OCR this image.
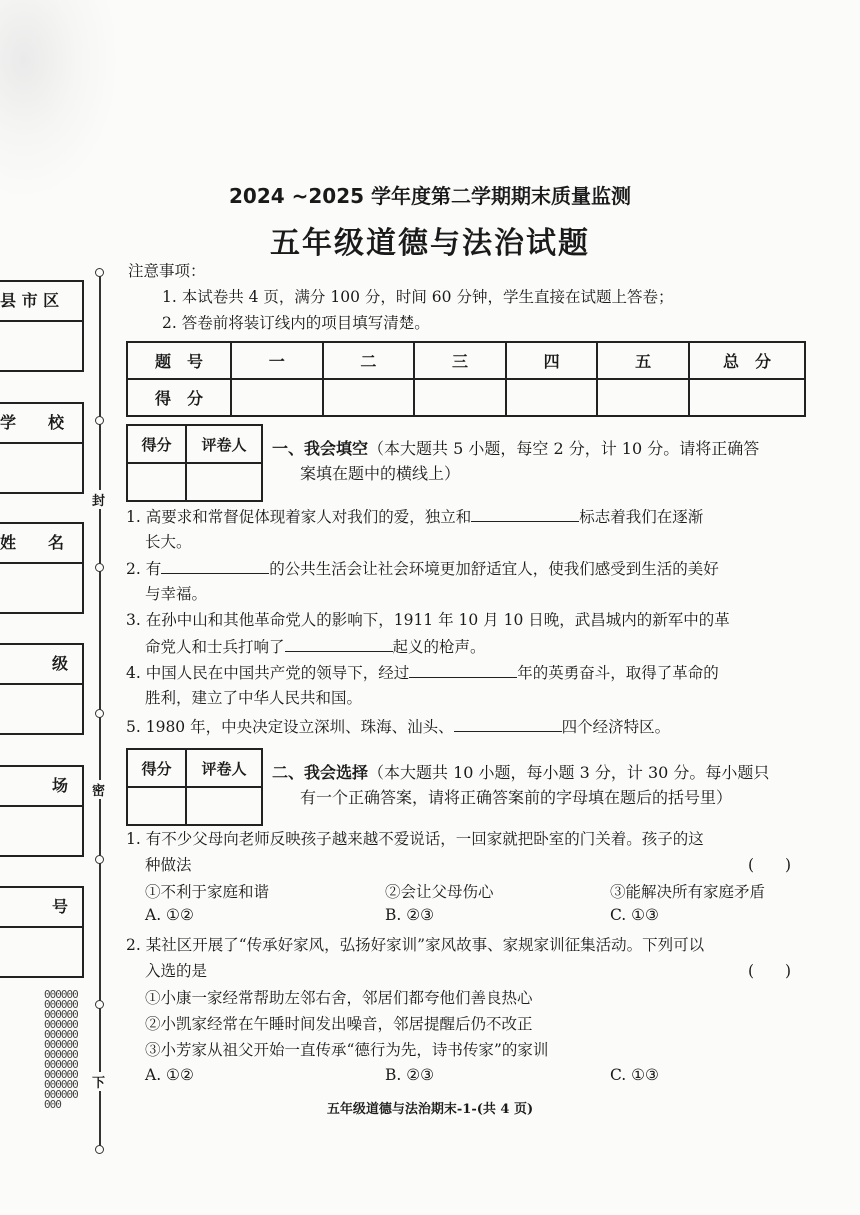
县 市 区
学　　校
姓　　名
级
场
号
封
密
下
000000000000000000000000000000000000000000000000000000000000000000000
2024 ~2025 学年度第二学期期末质量监测
五年级道德与法治试题
注意事项：
1. 本试卷共 4 页，满分 100 分，时间 60 分钟，学生直接在试题上答卷；
2. 答卷前将装订线内的项目填写清楚。
题　号	一	二	三	四	五	总　分
得　分						
得分	评卷人
	一、我会填空（本大题共 5 小题，每空 2 分，计 10 分。请将正确答
案填在题中的横线上）
1. 高要求和常督促体现着家人对我们的爱，独立和	标志着我们在逐渐
长大。
2. 有	的公共生活会让社会环境更加舒适宜人，使我们感受到生活的美好
与幸福。
3. 在孙中山和其他革命党人的影响下，1911 年 10 月 10 日晚，武昌城内的新军中的革
命党人和士兵打响了	起义的枪声。
4. 中国人民在中国共产党的领导下，经过	年的英勇奋斗，取得了革命的
胜利，建立了中华人民共和国。
5. 1980 年，中央决定设立深圳、珠海、汕头、	四个经济特区。
得分	评卷人
	二、我会选择（本大题共 10 小题，每小题 3 分，计 30 分。每小题只
有一个正确答案，请将正确答案前的字母填在题后的括号里）
1. 有不少父母向老师反映孩子越来越不爱说话，一回家就把卧室的门关着。孩子的这
种做法	(　　)
①不利于家庭和谐	②会让父母伤心	③能解决所有家庭矛盾
A. ①②	B. ②③	C. ①③
2. 某社区开展了“传承好家风，弘扬好家训”家风故事、家规家训征集活动。下列可以
入选的是	(　　)
①小康一家经常帮助左邻右舍，邻居们都夸他们善良热心
②小凯家经常在午睡时间发出噪音，邻居提醒后仍不改正
③小芳家从祖父开始一直传承“德行为先，诗书传家”的家训
A. ①②	B. ②③	C. ①③
五年级道德与法治期末-1-(共 4 页)
